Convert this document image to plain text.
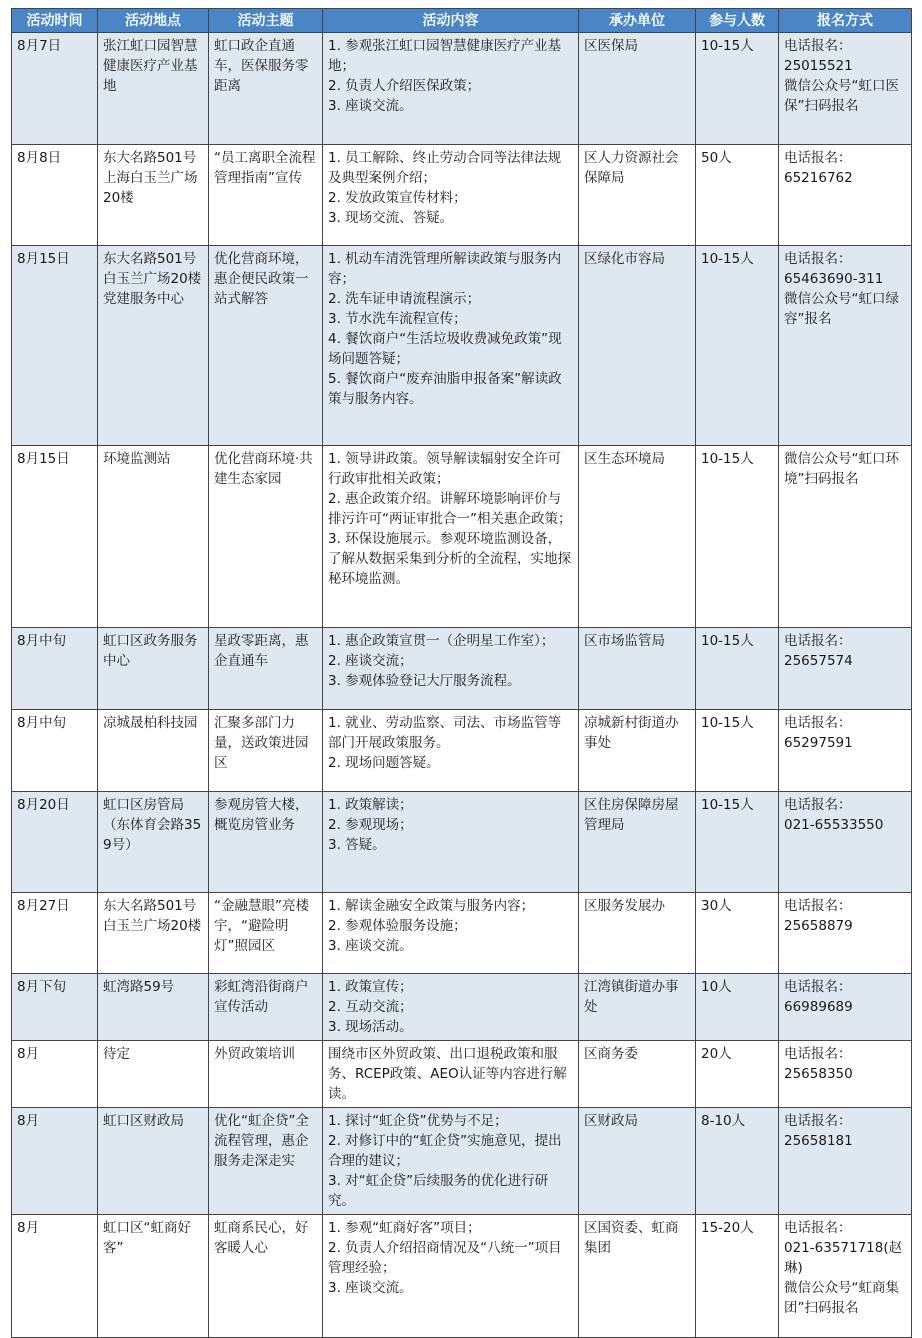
活动时间	活动地点	活动主题	活动内容	承办单位	参与人数	报名方式
8月7日	张江虹口园智慧健康医疗产业基地	虹口政企直通车，医保服务零距离	1. 参观张江虹口园智慧健康医疗产业基地；
2. 负责人介绍医保政策；
3. 座谈交流。	区医保局	10-15人	电话报名：
25015521
微信公众号“虹口医保”扫码报名

8月8日	东大名路501号上海白玉兰广场20楼	“员工离职全流程管理指南”宣传	1. 员工解除、终止劳动合同等法律法规及典型案例介绍；
2. 发放政策宣传材料；
3. 现场交流、答疑。	区人力资源社会保障局	50人	电话报名：
65216762

8月15日	东大名路501号白玉兰广场20楼党建服务中心	优化营商环境，惠企便民政策一站式解答	1. 机动车清洗管理所解读政策与服务内容；
2. 洗车证申请流程演示；
3. 节水洗车流程宣传；
4. 餐饮商户“生活垃圾收费减免政策”现场问题答疑；
5. 餐饮商户“废弃油脂申报备案”解读政策与服务内容。	区绿化市容局	10-15人	电话报名：
65463690-311
微信公众号“虹口绿容”报名

8月15日	环境监测站	优化营商环境·共建生态家园	1. 领导讲政策。领导解读辐射安全许可行政审批相关政策；
2. 惠企政策介绍。讲解环境影响评价与排污许可“两证审批合一”相关惠企政策；
3. 环保设施展示。参观环境监测设备，了解从数据采集到分析的全流程，实地探秘环境监测。	区生态环境局	10-15人	微信公众号“虹口环境”扫码报名

8月中旬	虹口区政务服务中心	星政零距离，惠企直通车	1. 惠企政策宣贯一（企明星工作室）；
2. 座谈交流；
3. 参观体验登记大厅服务流程。	区市场监管局	10-15人	电话报名：
25657574

8月中旬	凉城晟柏科技园	汇聚多部门力量，送政策进园区	1. 就业、劳动监察、司法、市场监管等部门开展政策服务。
2. 现场问题答疑。	凉城新村街道办事处	10-15人	电话报名：
65297591

8月20日	虹口区房管局（东体育会路359号）	参观房管大楼，概览房管业务	1. 政策解读；
2. 参观现场；
3. 答疑。	区住房保障房屋管理局	10-15人	电话报名：
021-65533550

8月27日	东大名路501号白玉兰广场20楼	“金融慧眼”亮楼宇，“避险明灯”照园区	1. 解读金融安全政策与服务内容；
2. 参观体验服务设施；
3. 座谈交流。	区服务发展办	30人	电话报名：
25658879

8月下旬	虹湾路59号	彩虹湾沿街商户宣传活动	1. 政策宣传；
2. 互动交流；
3. 现场活动。	江湾镇街道办事处	10人	电话报名：
66989689

8月	待定	外贸政策培训	围绕市区外贸政策、出口退税政策和服务、RCEP政策、AEO认证等内容进行解读。	区商务委	20人	电话报名：
25658350

8月	虹口区财政局	优化“虹企贷”全流程管理，惠企服务走深走实	1. 探讨“虹企贷”优势与不足；
2. 对修订中的“虹企贷”实施意见，提出合理的建议；
3. 对“虹企贷”后续服务的优化进行研究。	区财政局	8-10人	电话报名：
25658181

8月	虹口区“虹商好客”	虹商系民心，好客暖人心	1. 参观“虹商好客”项目；
2. 负责人介绍招商情况及“八统一”项目管理经验；
3. 座谈交流。	区国资委、虹商集团	15-20人	电话报名：
021-63571718(赵琳)
微信公众号“虹商集团”扫码报名
